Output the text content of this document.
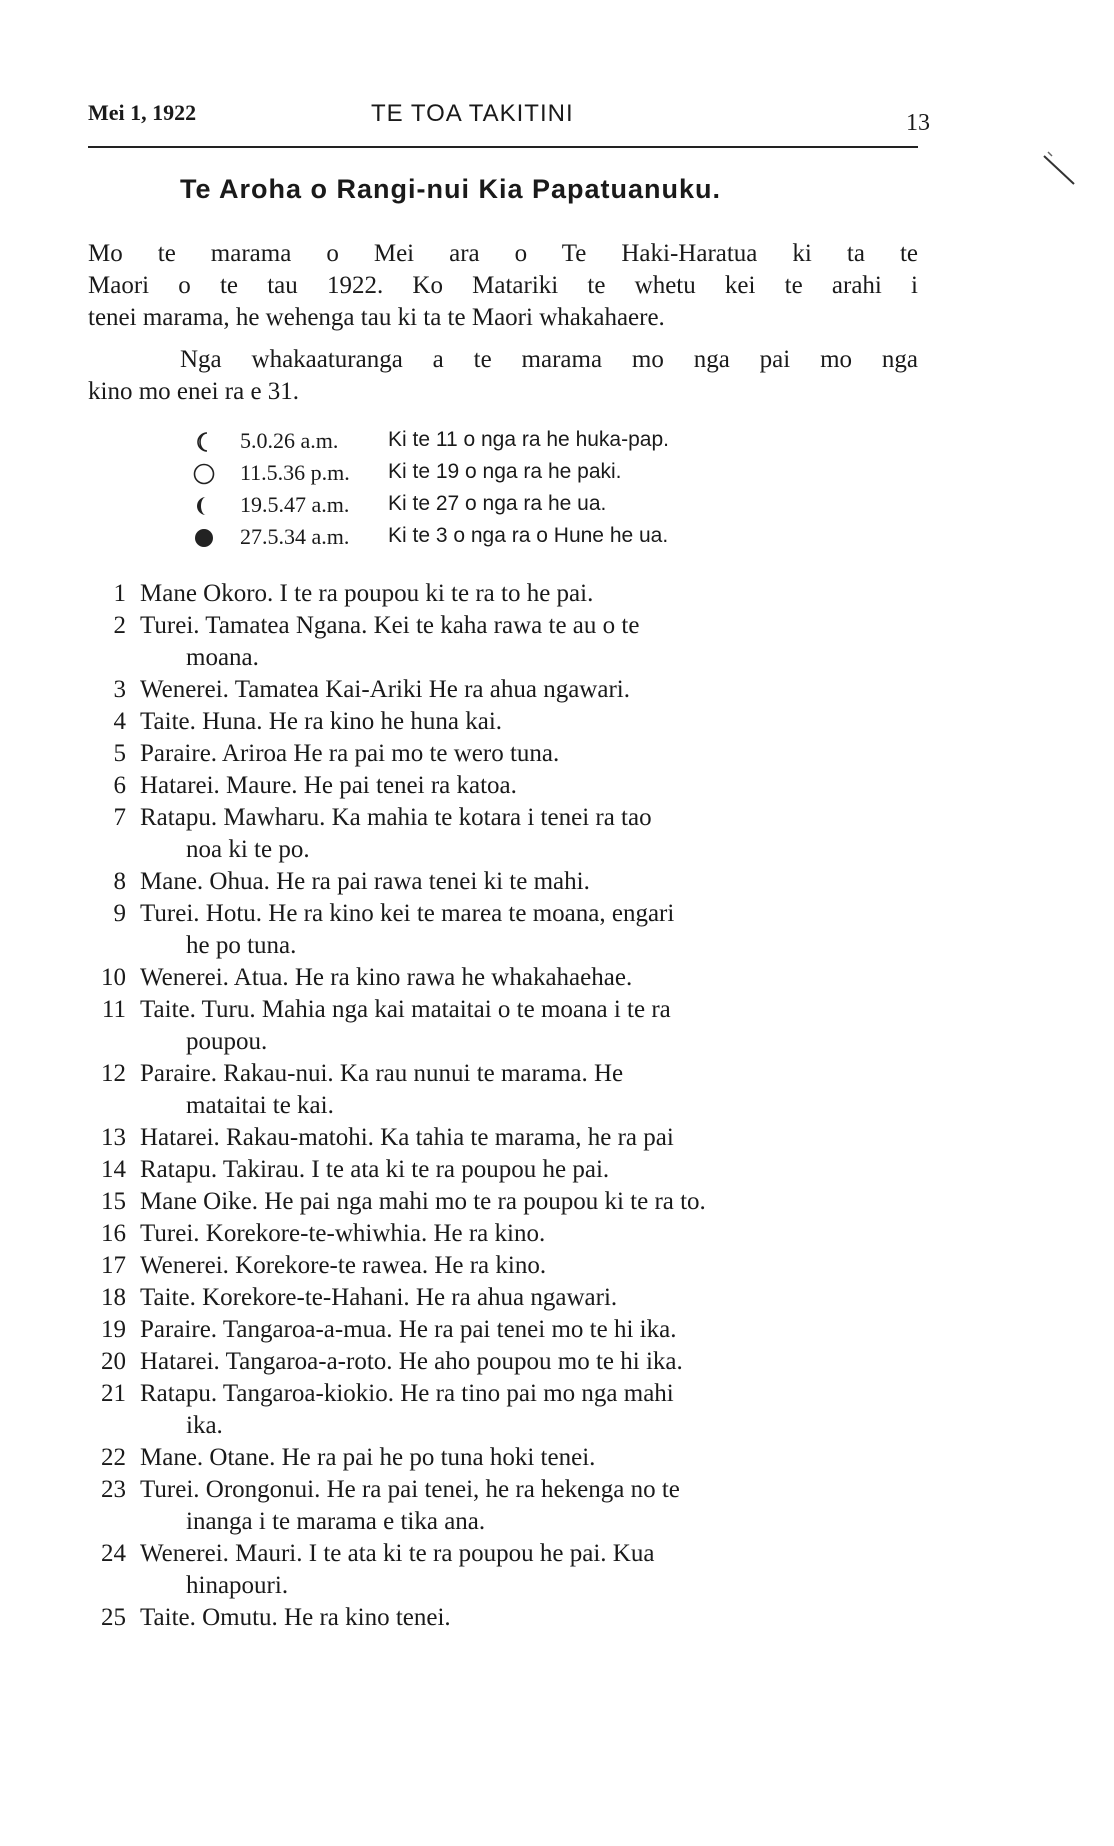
Mei 1, 1922	TE TOA TAKITINI	13
Te Aroha o Rangi-nui Kia Papatuanuku.
Mo te marama o Mei ara o Te Haki-Haratua ki ta te
Maori o te tau 1922. Ko Matariki te whetu kei te arahi i
tenei marama, he wehenga tau ki ta te Maori whakahaere.
Nga whakaaturanga a te marama mo nga pai mo nga
kino mo enei ra e 31.
5.0.26 a.m. Ki te 11 o nga ra he huka-pap.
11.5.36 p.m. Ki te 19 o nga ra he paki.
19.5.47 a.m. Ki te 27 o nga ra he ua.
27.5.34 a.m. Ki te 3 o nga ra o Hune he ua.
1 Mane Okoro. I te ra poupou ki te ra to he pai.
2 Turei. Tamatea Ngana. Kei te kaha rawa te au o te
moana.
3 Wenerei. Tamatea Kai-Ariki He ra ahua ngawari.
4 Taite. Huna. He ra kino he huna kai.
5 Paraire. Ariroa He ra pai mo te wero tuna.
6 Hatarei. Maure. He pai tenei ra katoa.
7 Ratapu. Mawharu. Ka mahia te kotara i tenei ra tao
noa ki te po.
8 Mane. Ohua. He ra pai rawa tenei ki te mahi.
9 Turei. Hotu. He ra kino kei te marea te moana, engari
he po tuna.
10 Wenerei. Atua. He ra kino rawa he whakahaehae.
11 Taite. Turu. Mahia nga kai mataitai o te moana i te ra
poupou.
12 Paraire. Rakau-nui. Ka rau nunui te marama. He
mataitai te kai.
13 Hatarei. Rakau-matohi. Ka tahia te marama, he ra pai
14 Ratapu. Takirau. I te ata ki te ra poupou he pai.
15 Mane Oike. He pai nga mahi mo te ra poupou ki te ra to.
16 Turei. Korekore-te-whiwhia. He ra kino.
17 Wenerei. Korekore-te rawea. He ra kino.
18 Taite. Korekore-te-Hahani. He ra ahua ngawari.
19 Paraire. Tangaroa-a-mua. He ra pai tenei mo te hi ika.
20 Hatarei. Tangaroa-a-roto. He aho poupou mo te hi ika.
21 Ratapu. Tangaroa-kiokio. He ra tino pai mo nga mahi
ika.
22 Mane. Otane. He ra pai he po tuna hoki tenei.
23 Turei. Orongonui. He ra pai tenei, he ra hekenga no te
inanga i te marama e tika ana.
24 Wenerei. Mauri. I te ata ki te ra poupou he pai. Kua
hinapouri.
25 Taite. Omutu. He ra kino tenei.
